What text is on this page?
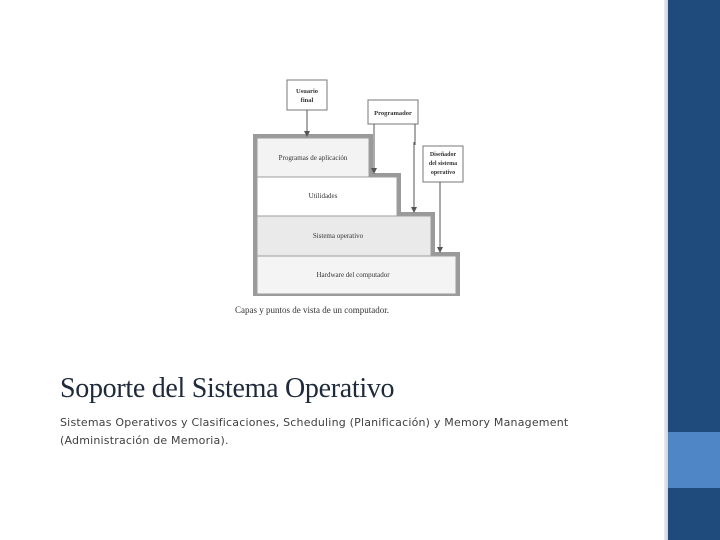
Programas de aplicación
Utilidades
Sistema operativo
Hardware del computador
Usuario
final
Programador
Diseñador
del sistema
operativo
Capas y puntos de vista de un computador.
Soporte del Sistema Operativo

Sistemas Operativos y Clasificaciones, Scheduling (Planificación) y Memory Management (Administración de Memoria).
